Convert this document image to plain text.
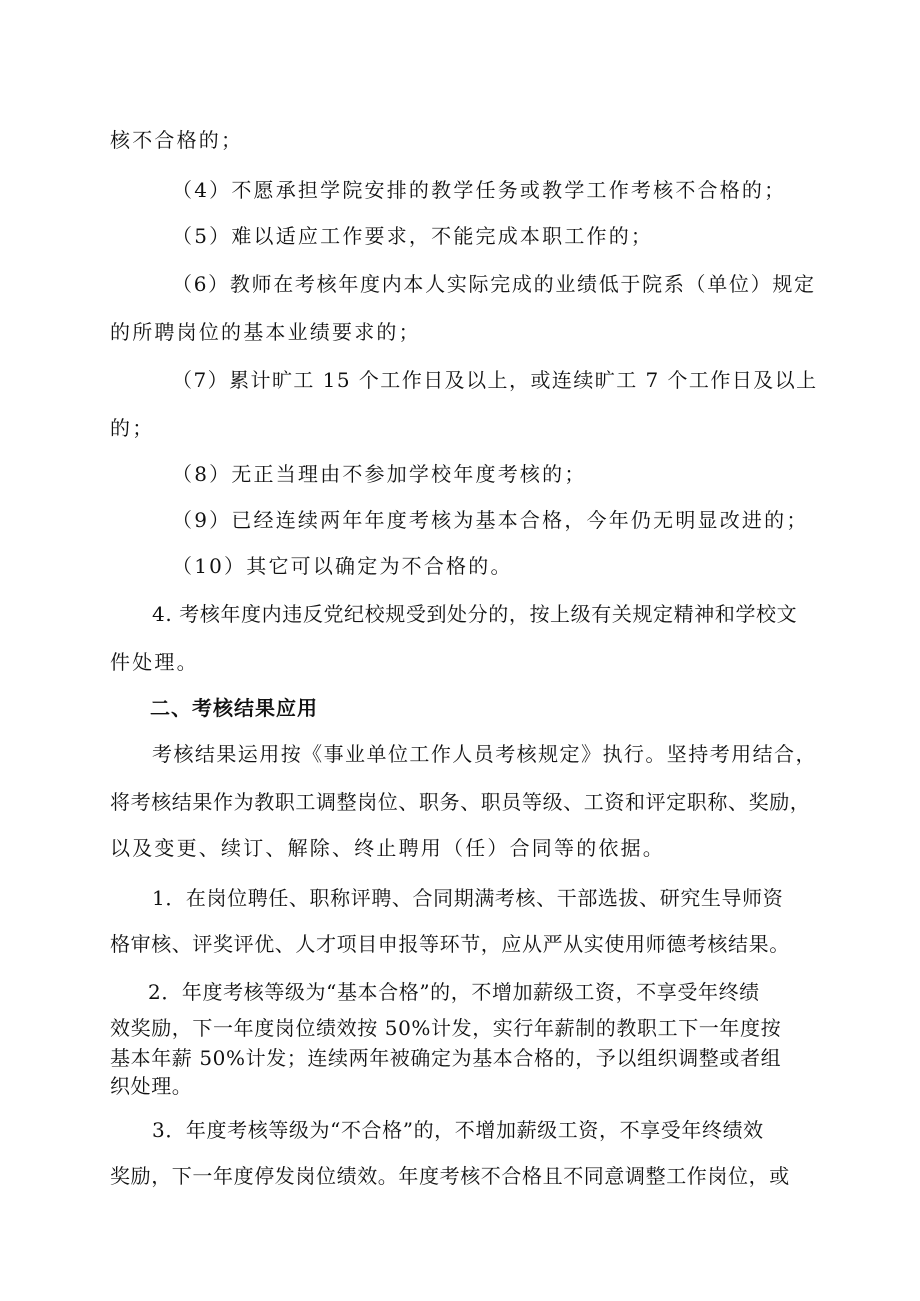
核不合格的；
（4）不愿承担学院安排的教学任务或教学工作考核不合格的；
（5）难以适应工作要求，不能完成本职工作的；
（6）教师在考核年度内本人实际完成的业绩低于院系（单位）规定
的所聘岗位的基本业绩要求的；
（7）累计旷工 15 个工作日及以上，或连续旷工 7 个工作日及以上
的；
（8）无正当理由不参加学校年度考核的；
（9）已经连续两年年度考核为基本合格，今年仍无明显改进的；
（10）其它可以确定为不合格的。
4. 考核年度内违反党纪校规受到处分的，按上级有关规定精神和学校文
件处理。
二、考核结果应用
考核结果运用按《事业单位工作人员考核规定》执行。坚持考用结合，
将考核结果作为教职工调整岗位、职务、职员等级、工资和评定职称、奖励，
以及变更、续订、解除、终止聘用（任）合同等的依据。
1．在岗位聘任、职称评聘、合同期满考核、干部选拔、研究生导师资
格审核、评奖评优、人才项目申报等环节，应从严从实使用师德考核结果。
2．年度考核等级为“基本合格”的，不增加薪级工资，不享受年终绩
效奖励，下一年度岗位绩效按 50%计发，实行年薪制的教职工下一年度按
基本年薪 50%计发；连续两年被确定为基本合格的，予以组织调整或者组
织处理。
3．年度考核等级为“不合格”的，不增加薪级工资，不享受年终绩效
奖励，下一年度停发岗位绩效。年度考核不合格且不同意调整工作岗位，或
